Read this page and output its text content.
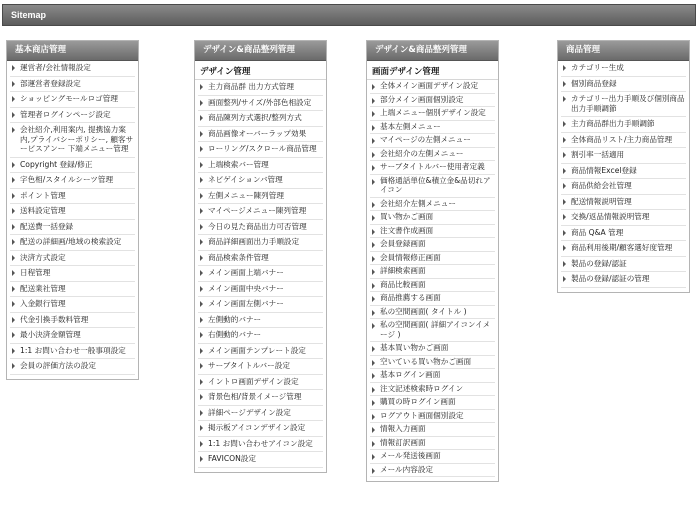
Sitemap
基本商店管理
運営者/会社情報設定
部運営者登録設定
ショッピングモールロゴ管理
管理者ログインページ設定
会社紹介,利用案内, 提携協力案内,プライバシーポリシー, 顧客サービスアンー 下端メニュー管理
Copyright 登録/修正
字色相/スタイルシーツ管理
ポイント管理
送料設定管理
配送費一括登録
配送の詳細画/地域の検索設定
決済方式設定
日程管理
配送業社管理
入金銀行管理
代金引換手数料管理
最小決済金額管理
1:1 お問い合わせ一般事項設定
会員の評価方法の設定
デザイン&商品整列管理
デザイン管理
主力商品群 出力方式管理
画面整列/サイズ/外部色相設定
商品陳列方式選択/整列方式
商品画像オーバーラップ効果
ローリング/スクロール商品管理
上端検索バー管理
ネビゲイションバ管理
左側メニュー陳列管理
マイページメニュー陳列管理
今日の見た商品出力可否管理
商品詳細画面出力手順設定
商品検索条件管理
メイン画面上端バナー
メイン画面中央バナー
メイン画面左側バナー
左側動的バナー
右側動的バナー
メイン画面テンプレート設定
サーブタイトルバー設定
イントロ画面デザイン設定
背景色相/背景イメージ管理
詳細ページデザイン設定
掲示板アイコンデザイン設定
1:1 お問い合わせアイコン設定
FAVICON設定
デザイン&商品整列管理
画面デザイン管理
全体メイン画面デザイン設定
部分メイン画面個別設定
上端メニュー個別デザイン設定
基本左側メニュー
マイページの左側メニュー
会社紹介の左側メニュー
サーブタイトルバー使用者定義
価格通話単位&積立金&品切れアイコン
会社紹介左側メニュー
買い物かご画面
注文書作成画面
会員登録画面
会員情報修正画面
詳細検索画面
商品比較画面
商品推薦する画面
私の空間画面( タイトル )
私の空間画面( 詳細アイコンイメージ )
基本買い物かご画面
空いている買い物かご画面
基本ログイン画面
注文記述検索時ログイン
購買の時ログイン画面
ログアウト画面個別設定
情報入力画面
情報訂訳画面
メール発送後画面
メール内容設定
商品管理
カテゴリー生成
個別商品登録
カテゴリー出力手順及び個別商品出力手順調節
主力商品群出力手順調節
全体商品リスト/主力商品管理
割引率一括適用
商品情報Excel登録
商品供給会社管理
配送情報説明管理
交換/返品情報説明管理
商品 Q&A 管理
商品利用後期/顧客選好度管理
製品の登録/認証
製品の登録/認証の管理
